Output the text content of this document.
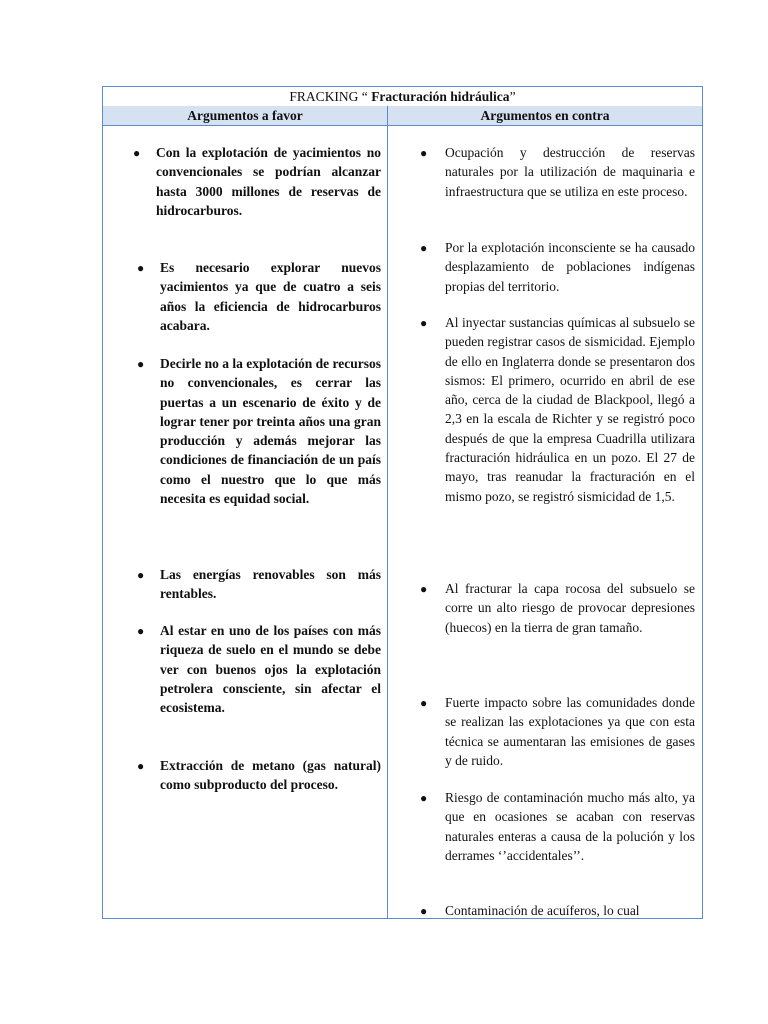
FRACKING “ Fracturación hidráulica”
Argumentos a favor	Argumentos en contra
● Con la explotación de yacimientos no convencionales se podrían alcanzar hasta 3000 millones de reservas de hidrocarburos.
● Es necesario explorar nuevos yacimientos ya que de cuatro a seis años la eficiencia de hidrocarburos acabara.
● Decirle no a la explotación de recursos no convencionales, es cerrar las puertas a un escenario de éxito y de lograr tener por treinta años una gran producción y además mejorar las condiciones de financiación de un país como el nuestro que lo que más necesita es equidad social.
● Las energías renovables son más rentables.
● Al estar en uno de los países con más riqueza de suelo en el mundo se debe ver con buenos ojos la explotación petrolera consciente, sin afectar el ecosistema.
● Extracción de metano (gas natural) como subproducto del proceso.
● Ocupación y destrucción de reservas naturales por la utilización de maquinaria e infraestructura que se utiliza en este proceso.
● Por la explotación inconsciente se ha causado desplazamiento de poblaciones indígenas propias del territorio.
● Al inyectar sustancias químicas al subsuelo se pueden registrar casos de sismicidad. Ejemplo de ello en Inglaterra donde se presentaron dos sismos: El primero, ocurrido en abril de ese año, cerca de la ciudad de Blackpool, llegó a 2,3 en la escala de Richter y se registró poco después de que la empresa Cuadrilla utilizara fracturación hidráulica en un pozo. El 27 de mayo, tras reanudar la fracturación en el mismo pozo, se registró sismicidad de 1,5.
● Al fracturar la capa rocosa del subsuelo se corre un alto riesgo de provocar depresiones (huecos) en la tierra de gran tamaño.
● Fuerte impacto sobre las comunidades donde se realizan las explotaciones ya que con esta técnica se aumentaran las emisiones de gases y de ruido.
● Riesgo de contaminación mucho más alto, ya que en ocasiones se acaban con reservas naturales enteras a causa de la polución y los derrames ‘’accidentales’’.
● Contaminación de acuíferos, lo cual
